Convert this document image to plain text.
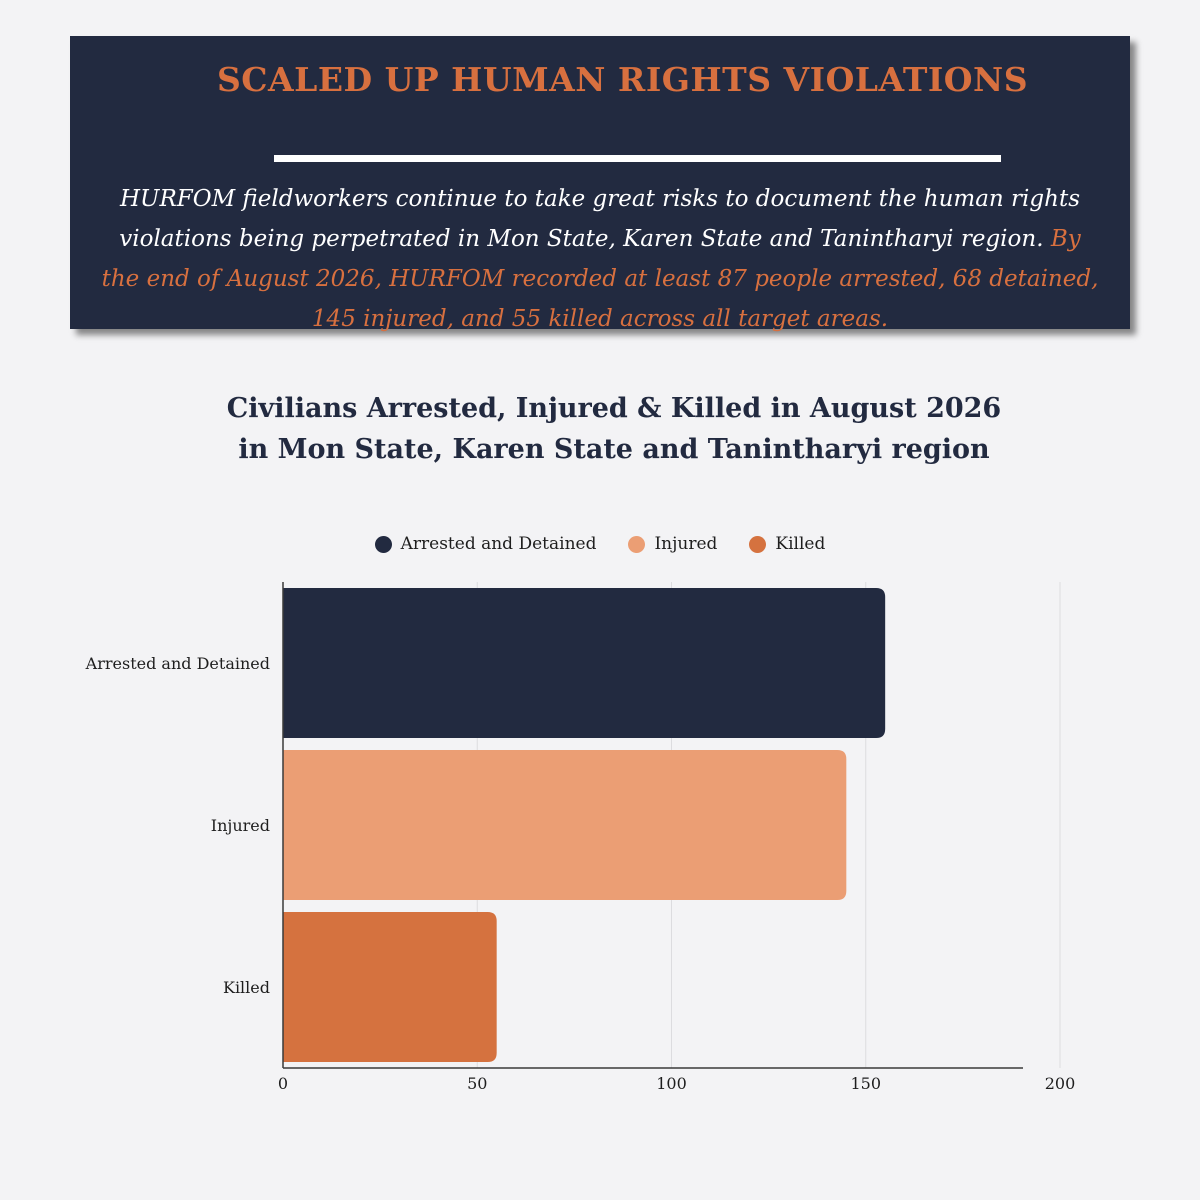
SCALED UP HUMAN RIGHTS VIOLATIONS
HURFOM fieldworkers continue to take great risks to document the human rights violations being perpetrated in Mon State, Karen State and Tanintharyi region. By the end of August 2026, HURFOM recorded at least 87 people arrested, 68 detained, 145 injured, and 55 killed across all target areas.
Civilians Arrested, Injured & Killed in August 2026
in Mon State, Karen State and Tanintharyi region
Arrested and Detained	Injured	Killed
Arrested and Detained
Injured
Killed
0	50	100	150	200
